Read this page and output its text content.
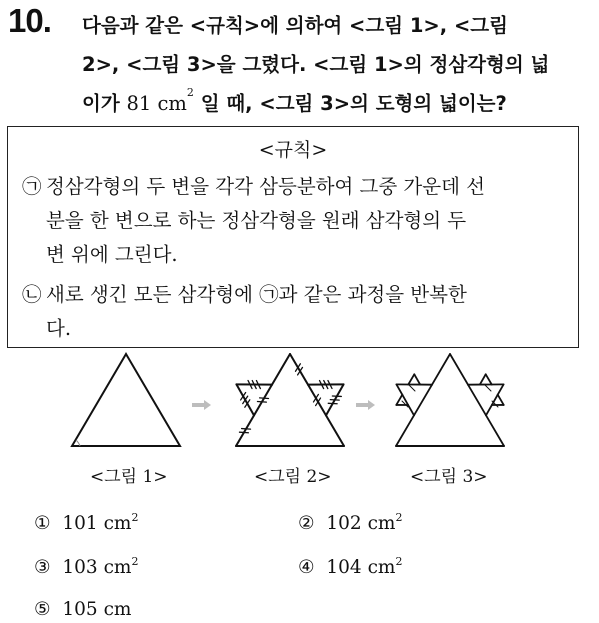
10. 다음과 같은 <규칙>에 의하여 <그림 1>, <그림
2>, <그림 3>을 그렸다. <그림 1>의 정삼각형의 넓
이가 81 $cm^2$ 일 때, <그림 3>의 도형의 넓이는?
<규칙>
㉠ 정삼각형의 두 변을 각각 삼등분하여 그중 가운데 선
분을 한 변으로 하는 정삼각형을 원래 삼각형의 두
변 위에 그린다.
㉡ 새로 생긴 모든 삼각형에 ㉠과 같은 과정을 반복한
다.
<그림 1>	<그림 2>	<그림 3>
① 101 $cm^2$	② 102 $cm^2$
③ 103 $cm^2$	④ 104 $cm^2$
⑤ 105 cm
